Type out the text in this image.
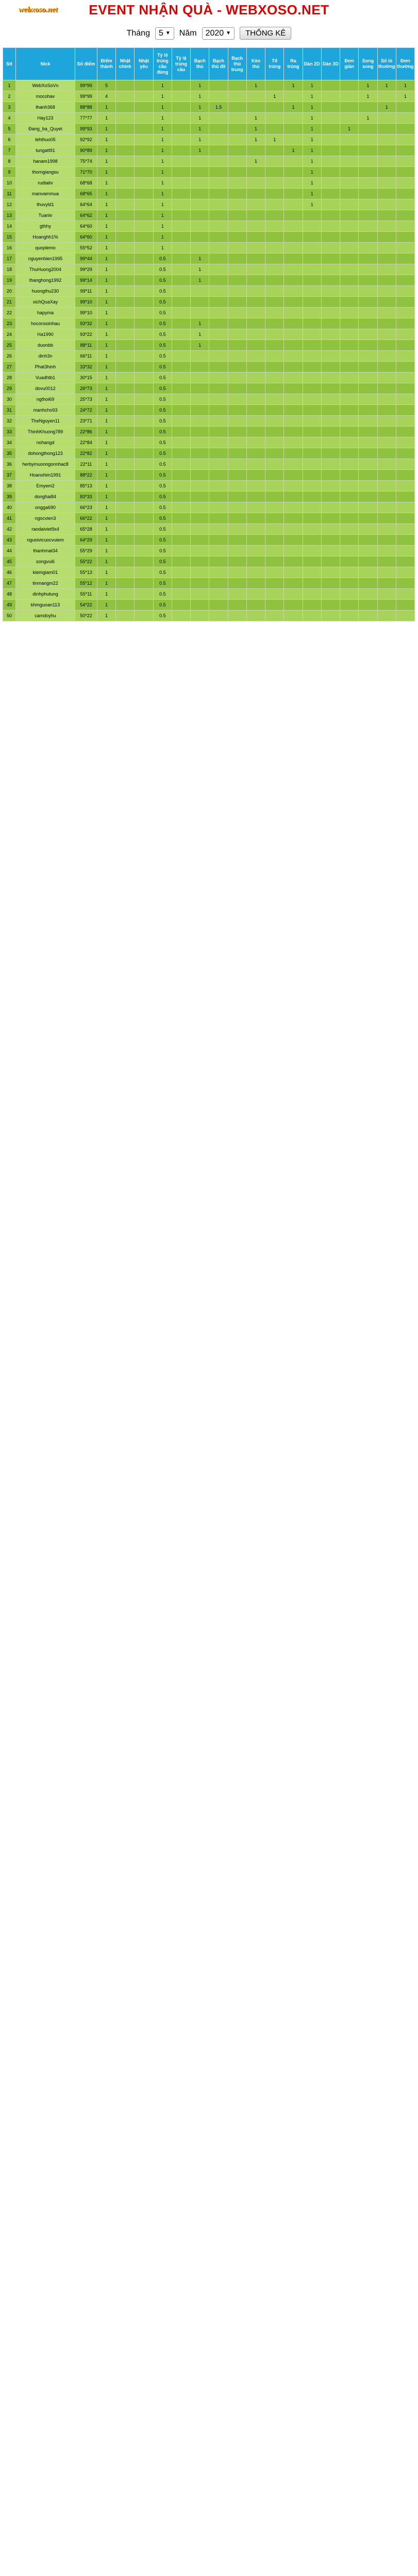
webxoso.net	EVENT NHẬN QUÀ - WEBXOSO.NET
Tháng 5 ▼ Năm 2020 ▼	THỐNG KÊ
Stt	Nick	Số điểm	Điểm thành	Nhật chỉnh	Nhật yêu	Tỷ lệ trúng cầu đúng	Tỷ lệ trúng cầu	Bạch thủ	Bạch thủ đề	Bạch thủ trung	Kèo thủ	Tổ trúng	Ra trúng	Dàn 2D	Dàn 3D	Đơn giản	Song song	Số lỏ thường	Đơn thường
1	WebXoSoVn	99*99	5			1		1			1		1	1			1	1	1
2	mocohav	99*99	4			1		1				1		1			1		1
3	thanh368	88*88	1			1		1	1.5				1	1				1	
4	Hay123	77*77	1			1		1			1			1			1		
5	Đang_ba_Quyet	99*93	1			1		1			1			1		1			
6	lehthuo05	92*92	1			1		1			1	1		1					
7	tungatt91	90*89	1			1		1					1	1					
8	hanam1998	75*74	1			1					1			1					
9	thomgiangsu	71*70	1			1								1					
10	rudtaitv	68*68	1			1								1					
11	manvammua	68*65	1			1								1					
12	thuvyld1	64*64	1			1								1					
13	Tuanlv	64*62	1			1													
14	gthhy	64*60	1			1													
15	Hoanghh1%	64*60	1			1													
16	quoplemo	55*52	1			1													
17	nguyenhien1995	99*44	1			0.5		1											
18	ThuHuong2004	99*29	1			0.5		1											
19	thanghong1992	99*14	1			0.5		1											
20	huongthu230	99*11	1			0.5													
21	xichQuaXay	99*10	1			0.5													
22	hapyma	99*10	1			0.5													
23	hoconsoinhau	93*32	1			0.5		1											
24	Ha1990	93*22	1			0.5		1											
25	duonbb	88*11	1			0.5		1											
26	dinh3n	66*11	1			0.5													
27	Phat3hinh	33*32	1			0.5													
28	Vuadhtb1	30*15	1			0.5													
29	dovu0012	26*73	1			0.5													
30	ngthoi69	25*73	1			0.5													
31	manhcho93	24*72	1			0.5													
32	TheNguyen11	23*71	1			0.5													
33	ThinhKhuong789	22*86	1			0.5													
34	nohangd	22*84	1			0.5													
35	dohongthong123	22*82	1			0.5													
36	herbymuonngonnhac8	22*11	1			0.5													
37	Hoanxhim1991	88*22	1			0.5													
38	Emyem2	85*13	1			0.5													
39	donghai84	83*33	1			0.5													
40	ongga690	66*23	1			0.5													
41	ngocvien3	66*22	1			0.5													
42	raodaiviet9x4	65*28	1			0.5													
43	nguoivicuocvuiem	64*29	1			0.5													
44	thanhmat34	55*29	1			0.5													
45	songvui6	55*22	1			0.5													
46	kiemgiam01	55*13	1			0.5													
47	tinmangm22	55*12	1			0.5													
48	dinhphutung	55*11	1			0.5													
49	khmguoan113	54*22	1			0.5													
50	camdoyhu	50*22	1			0.5													
